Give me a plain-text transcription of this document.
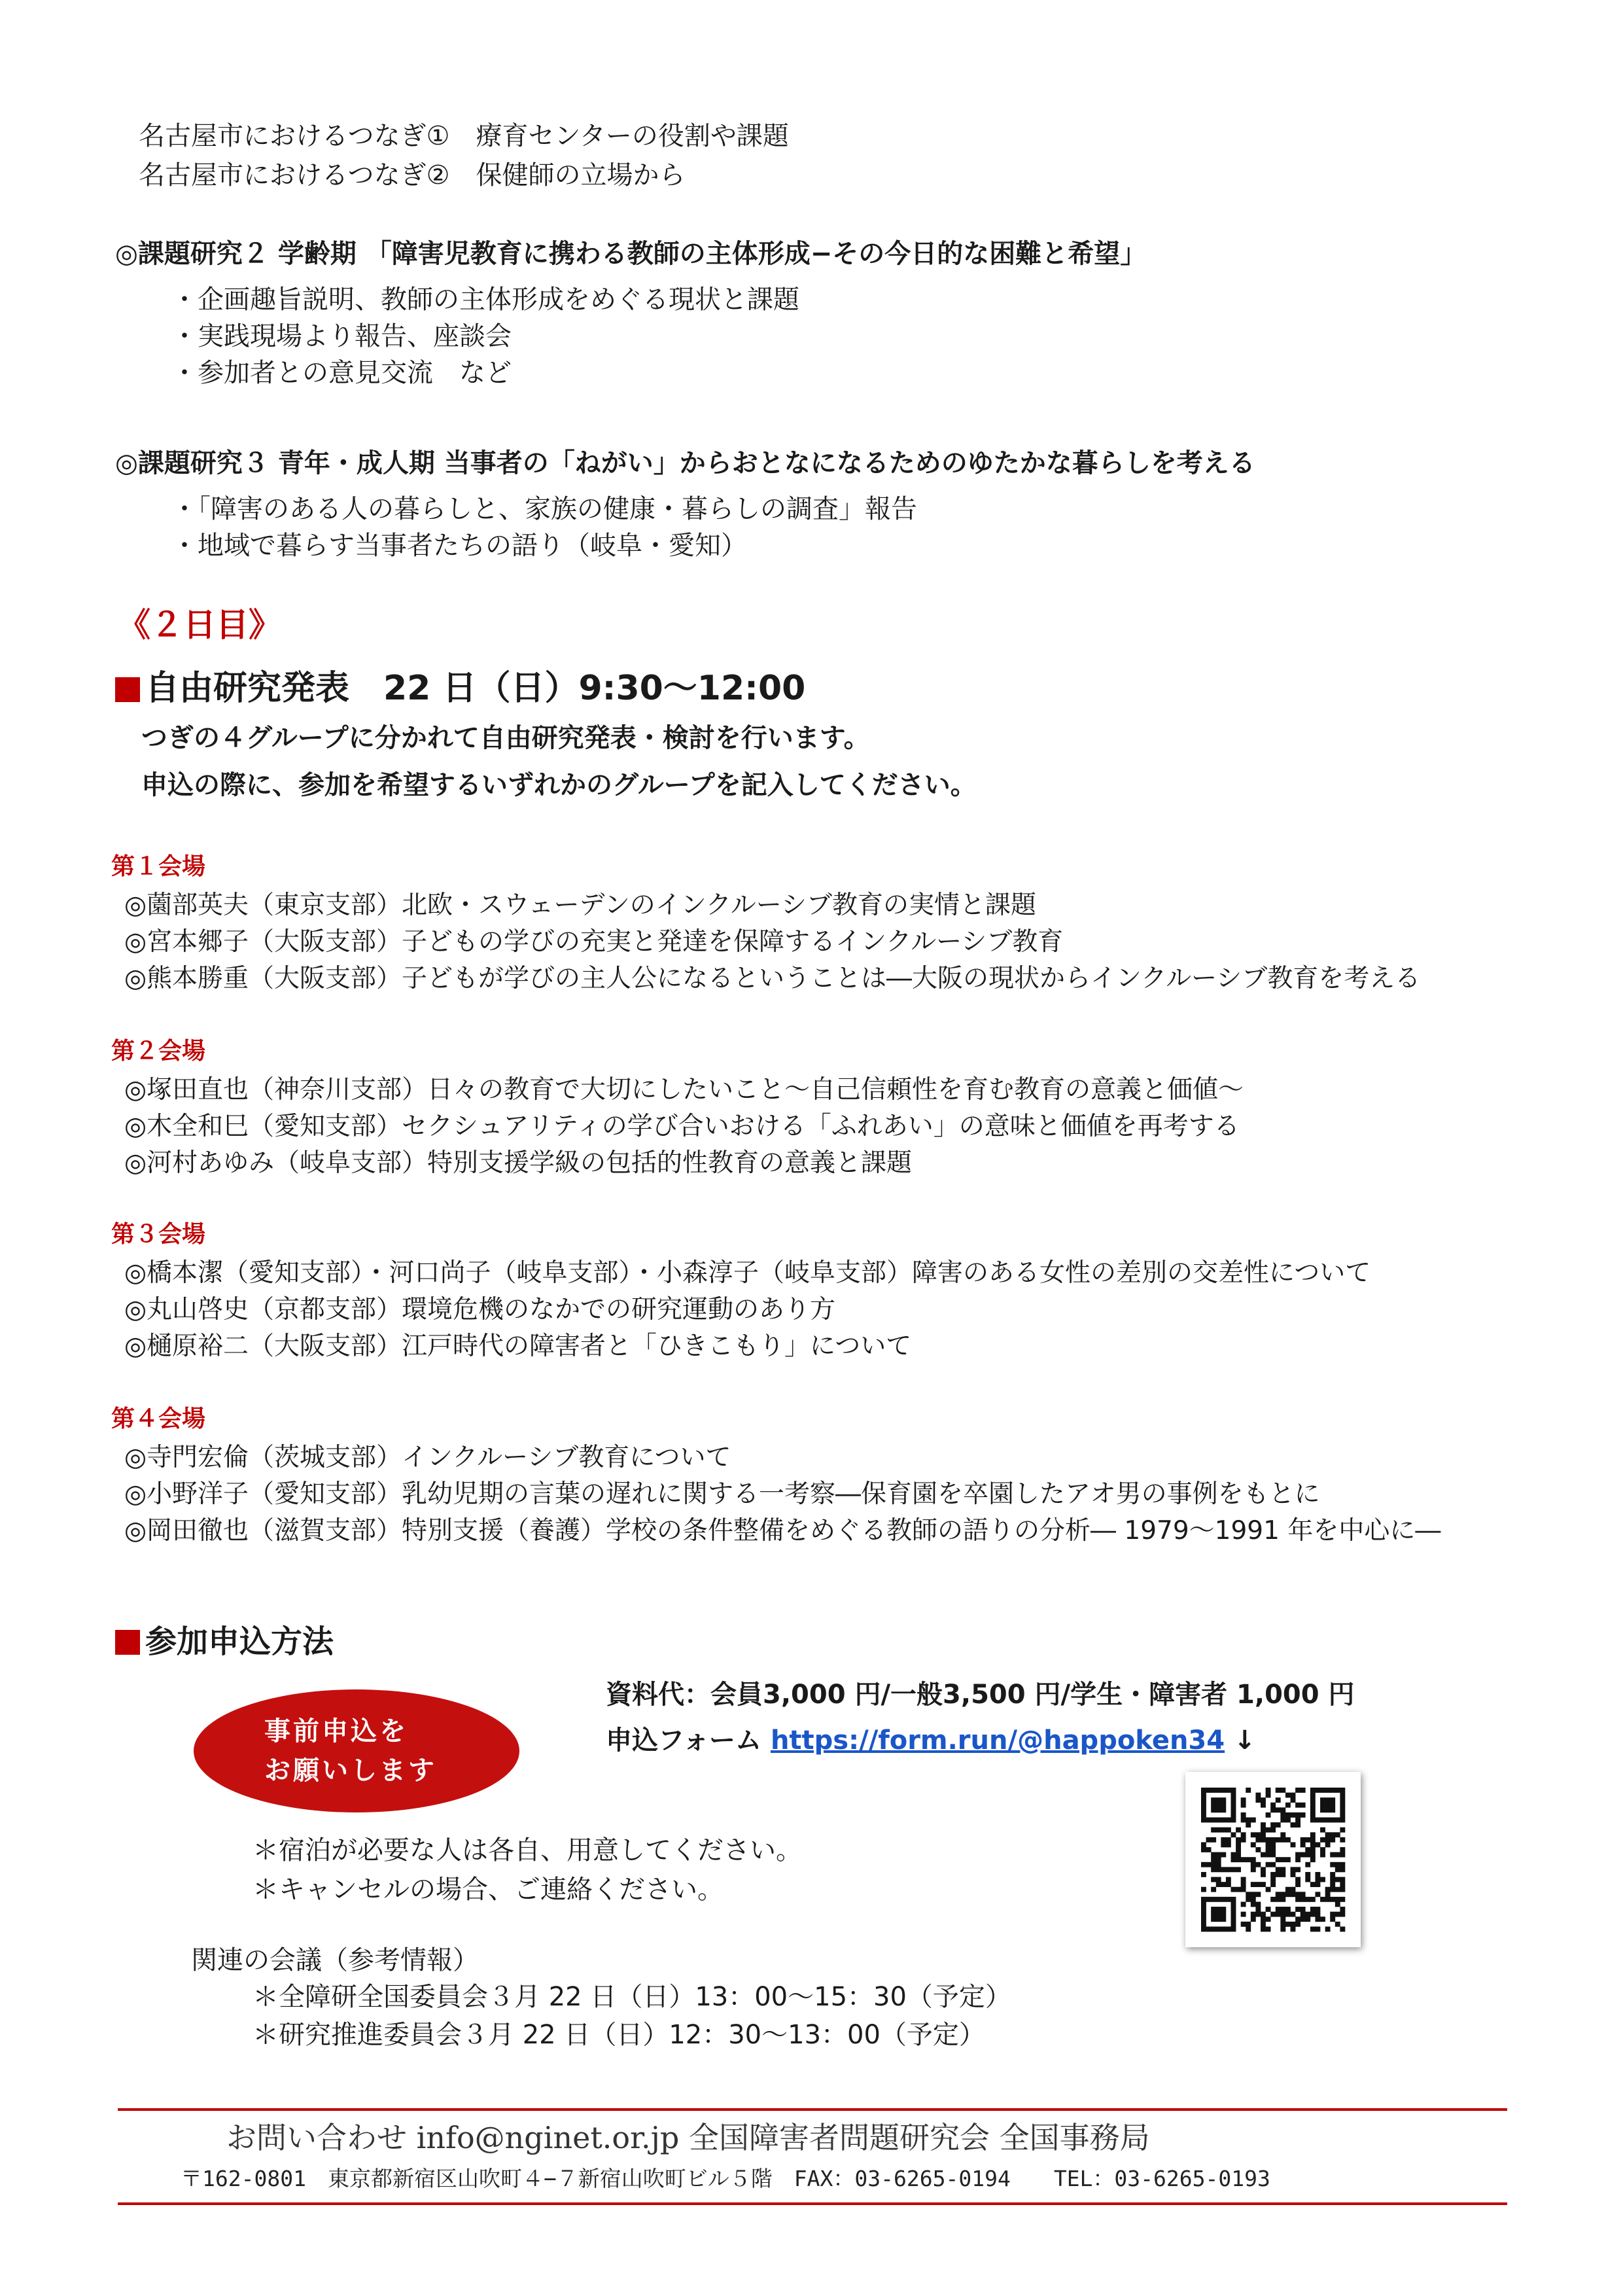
名古屋市におけるつなぎ①　療育センターの役割や課題
名古屋市におけるつなぎ②　保健師の立場から
◎課題研究２ 学齢期 「障害児教育に携わる教師の主体形成−その今日的な困難と希望」
・企画趣旨説明、教師の主体形成をめぐる現状と課題
・実践現場より報告、座談会
・参加者との意見交流　など
◎課題研究３ 青年・成人期 当事者の「ねがい」からおとなになるためのゆたかな暮らしを考える
・「障害のある人の暮らしと、家族の健康・暮らしの調査」報告
・地域で暮らす当事者たちの語り（岐阜・愛知）
《２日目》
自由研究発表　22 日（日）9:30〜12:00
つぎの４グループに分かれて自由研究発表・検討を行います。
申込の際に、参加を希望するいずれかのグループを記入してください。
第１会場
◎薗部英夫（東京支部）北欧・スウェーデンのインクルーシブ教育の実情と課題
◎宮本郷子（大阪支部）子どもの学びの充実と発達を保障するインクルーシブ教育
◎熊本勝重（大阪支部）子どもが学びの主人公になるということは―大阪の現状からインクルーシブ教育を考える
第２会場
◎塚田直也（神奈川支部）日々の教育で大切にしたいこと〜自己信頼性を育む教育の意義と価値〜
◎木全和巳（愛知支部）セクシュアリティの学び合いおける「ふれあい」の意味と価値を再考する
◎河村あゆみ（岐阜支部）特別支援学級の包括的性教育の意義と課題
第３会場
◎橋本潔（愛知支部）・河口尚子（岐阜支部）・小森淳子（岐阜支部）障害のある女性の差別の交差性について
◎丸山啓史（京都支部）環境危機のなかでの研究運動のあり方
◎樋原裕二（大阪支部）江戸時代の障害者と「ひきこもり」について
第４会場
◎寺門宏倫（茨城支部）インクルーシブ教育について
◎小野洋子（愛知支部）乳幼児期の言葉の遅れに関する一考察―保育園を卒園したアオ男の事例をもとに
◎岡田徹也（滋賀支部）特別支援（養護）学校の条件整備をめぐる教師の語りの分析― 1979〜1991 年を中心に―
参加申込方法
事前申込を
お願いします
資料代：会員3,000 円/一般3,500 円/学生・障害者 1,000 円
申込フォーム https://form.run/@happoken34 ↓
＊宿泊が必要な人は各自、用意してください。
＊キャンセルの場合、ご連絡ください。
関連の会議（参考情報）
＊全障研全国委員会３月 22 日（日）13：00〜15：30（予定）
＊研究推進委員会３月 22 日（日）12：30〜13：00（予定）
お問い合わせ info@nginet.or.jp 全国障害者問題研究会 全国事務局
〒162-0801　東京都新宿区山吹町４−７新宿山吹町ビル５階　FAX：03-6265-0194　　TEL：03-6265-0193
